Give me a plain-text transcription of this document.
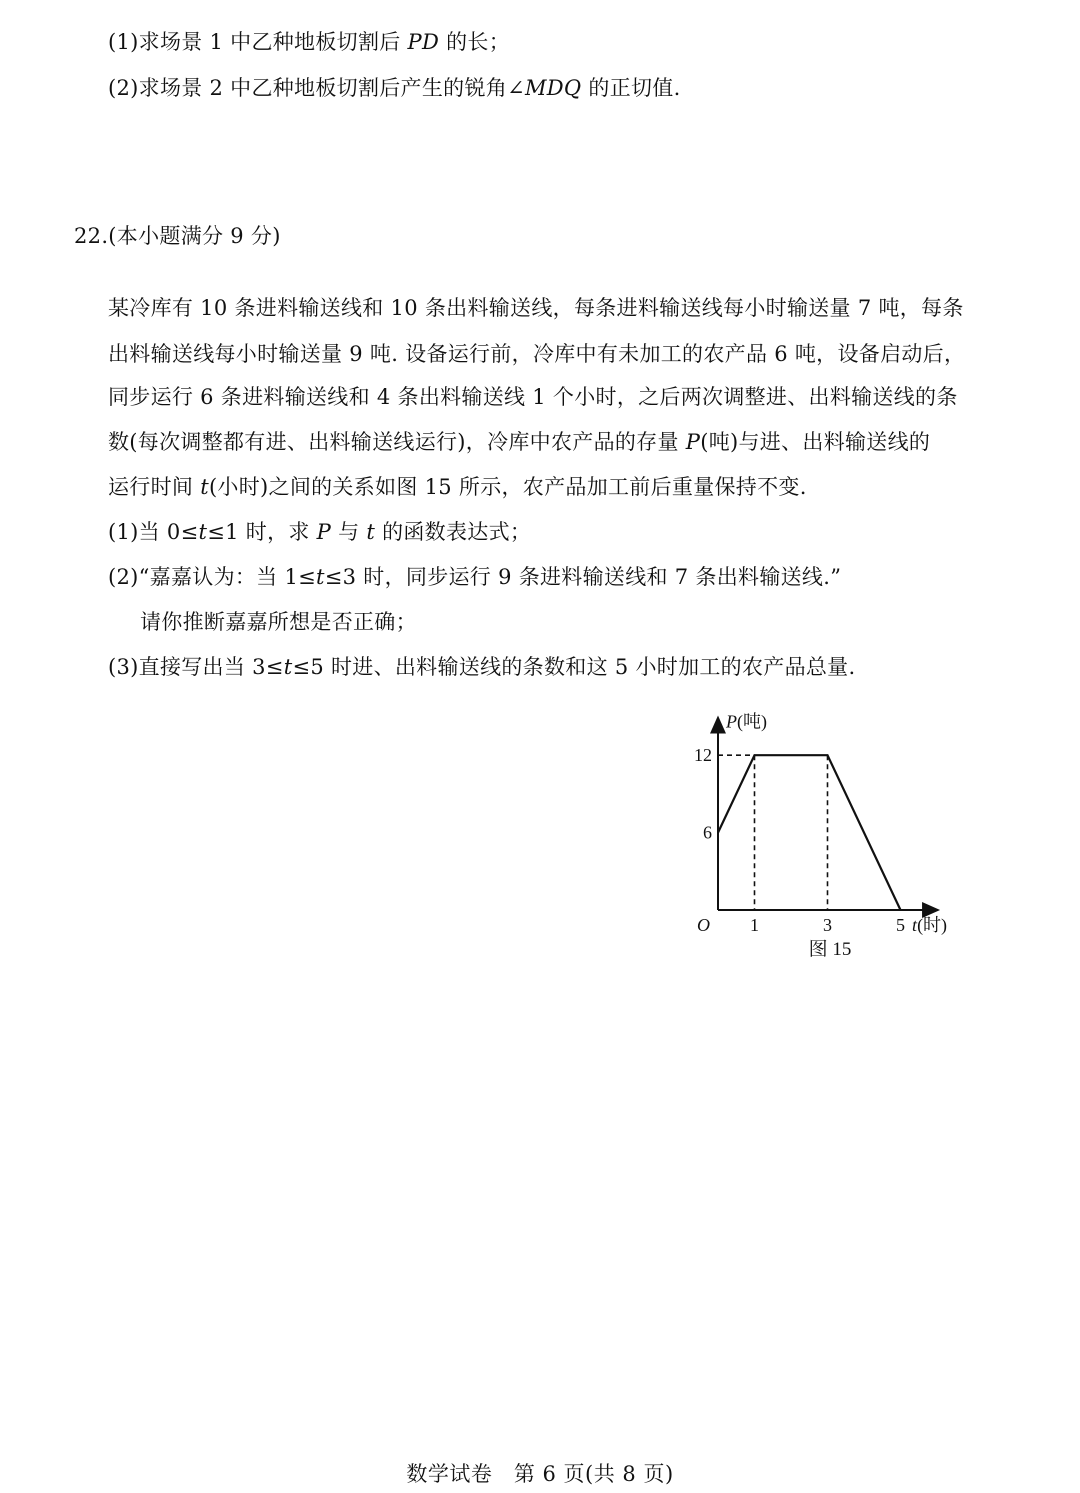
(1)求场景 1 中乙种地板切割后 PD 的长；
(2)求场景 2 中乙种地板切割后产生的锐角∠MDQ 的正切值.
22.(本小题满分 9 分)
某冷库有 10 条进料输送线和 10 条出料输送线，每条进料输送线每小时输送量 7 吨，每条
出料输送线每小时输送量 9 吨. 设备运行前，冷库中有未加工的农产品 6 吨，设备启动后，
同步运行 6 条进料输送线和 4 条出料输送线 1 个小时，之后两次调整进、出料输送线的条
数(每次调整都有进、出料输送线运行)，冷库中农产品的存量 P(吨)与进、出料输送线的
运行时间 t(小时)之间的关系如图 15 所示，农产品加工前后重量保持不变.
(1)当 0≤t≤1 时，求 P 与 t 的函数表达式；
(2)“嘉嘉认为：当 1≤t≤3 时，同步运行 9 条进料输送线和 7 条出料输送线.”
请你推断嘉嘉所想是否正确；
(3)直接写出当 3≤t≤5 时进、出料输送线的条数和这 5 小时加工的农产品总量.
1	3	5
6
12
O
P(吨)
t(时)
图 15
数学试卷　第 6 页(共 8 页)
